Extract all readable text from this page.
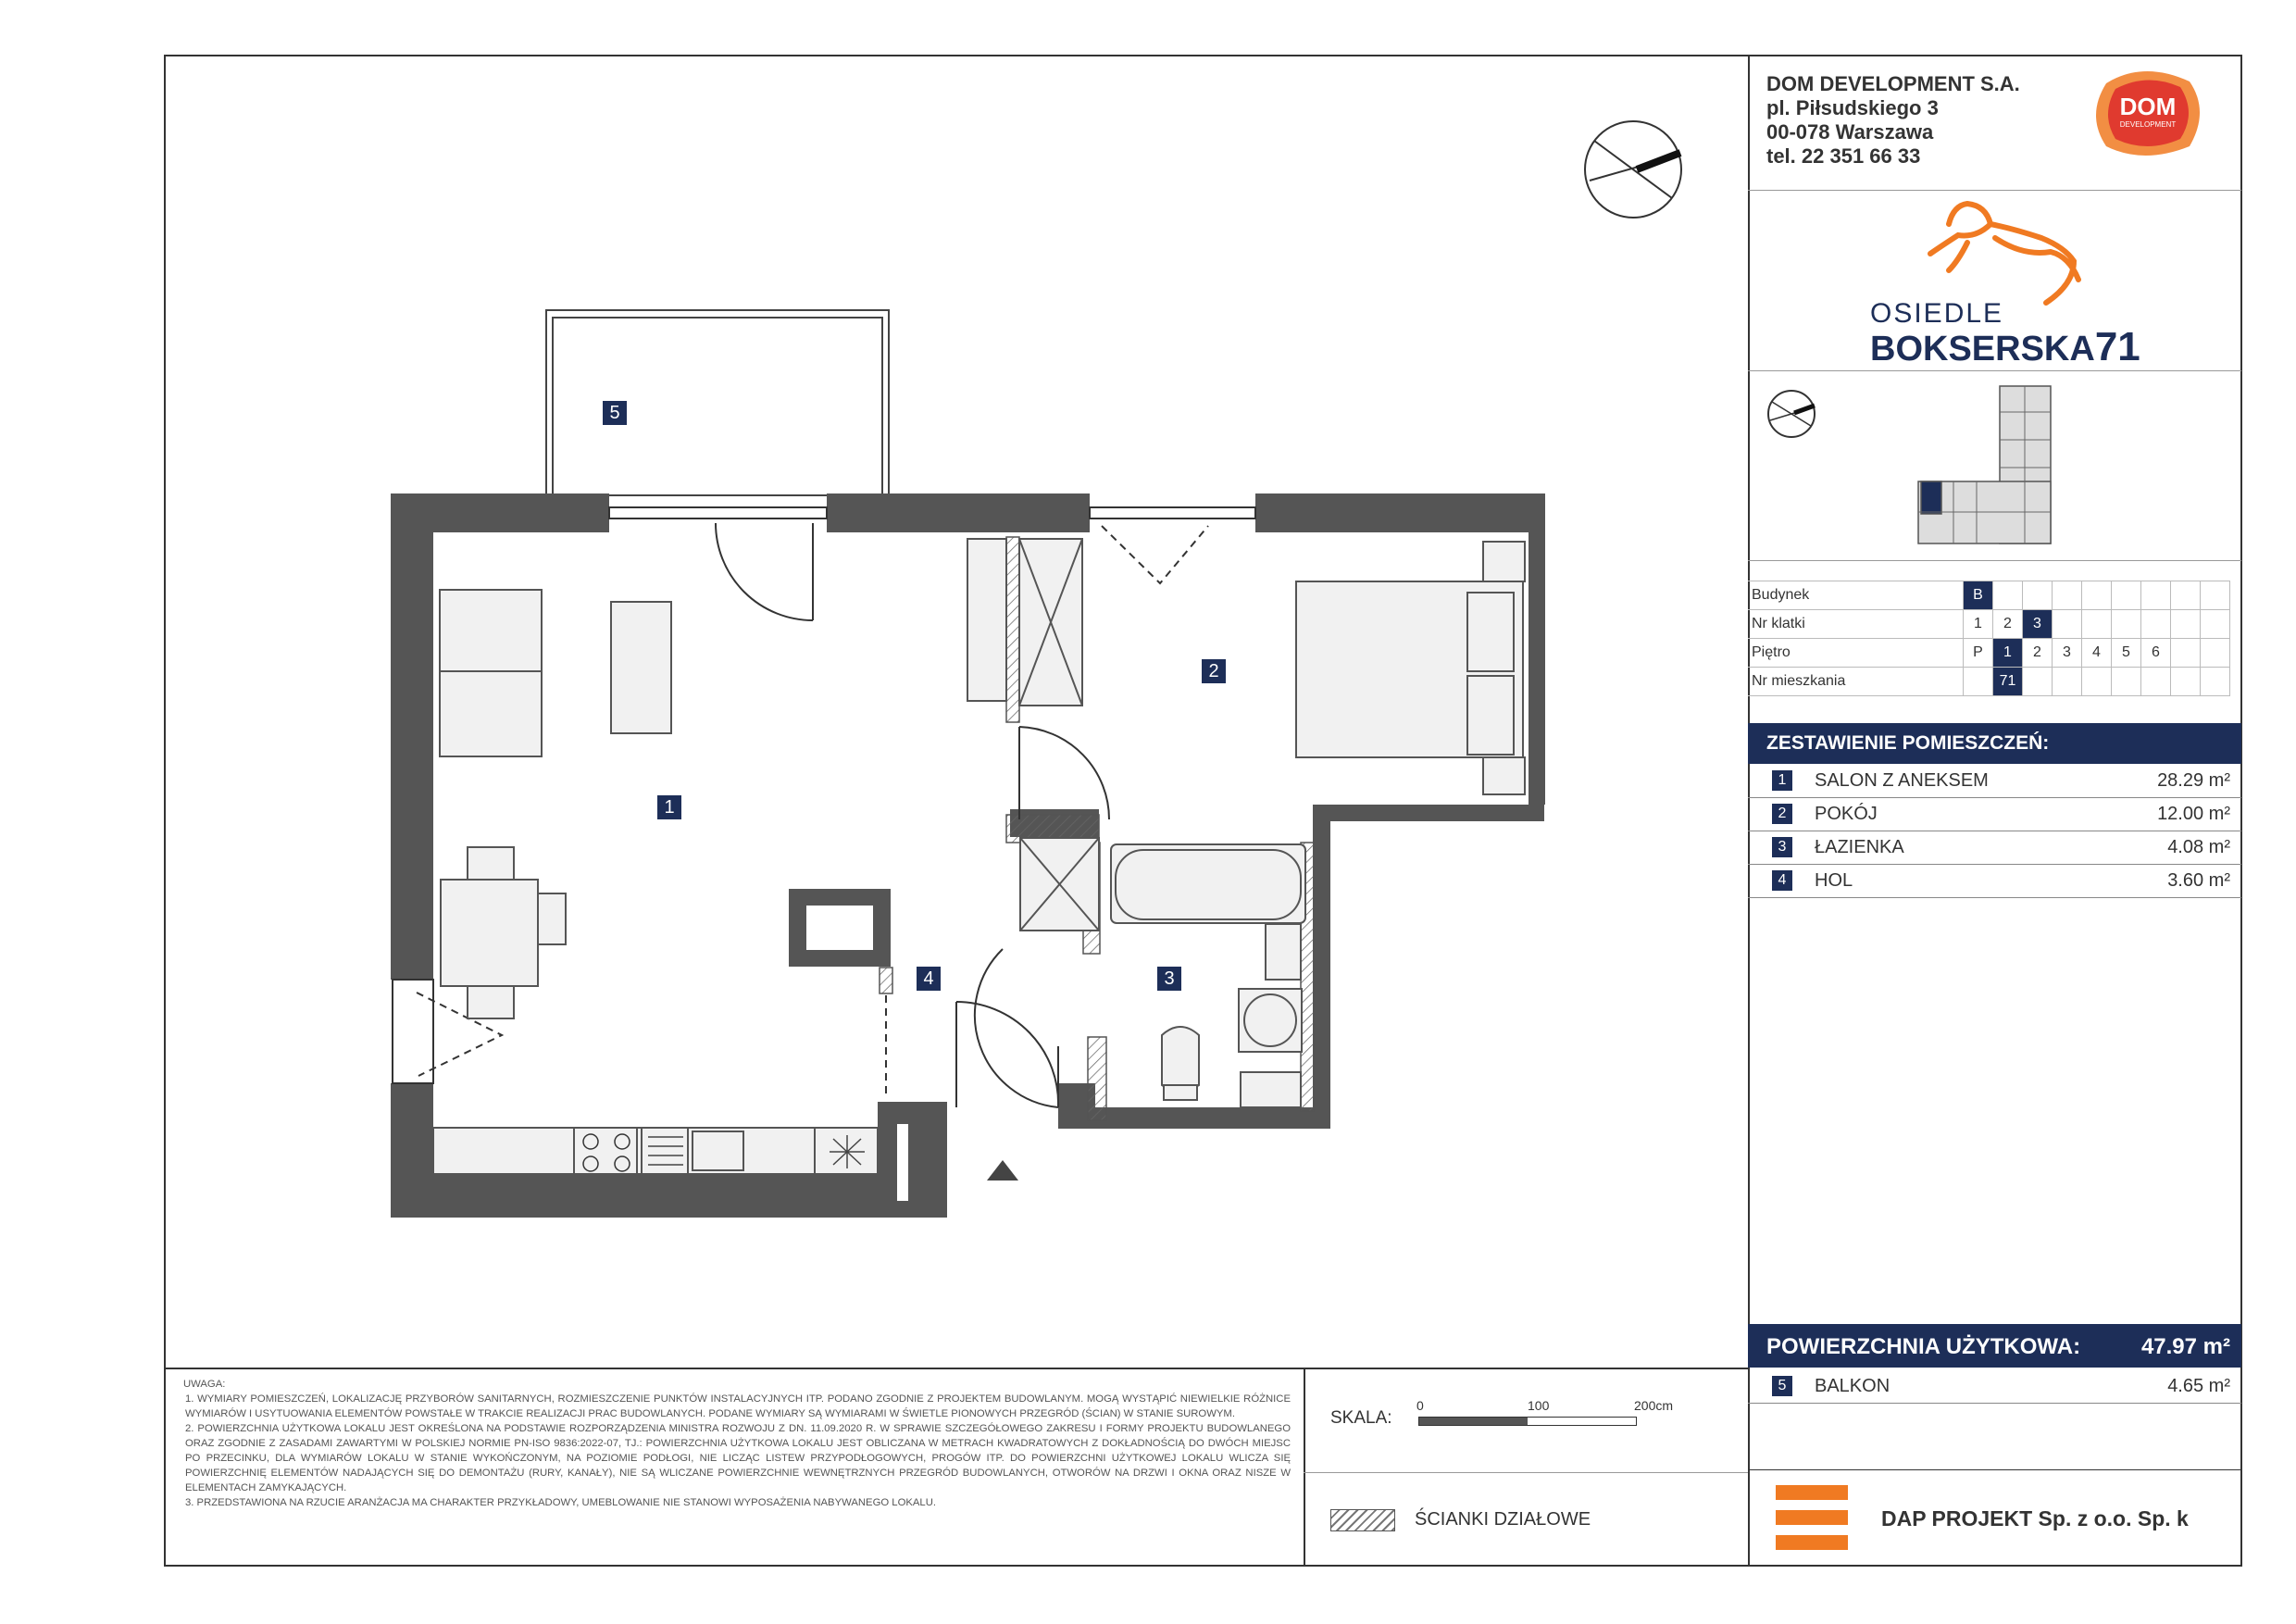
1
2
3
4
5
DOM DEVELOPMENT S.A.
pl. Piłsudskiego 3
00-078 Warszawa
tel. 22 351 66 33
DOM
DEVELOPMENT
OSIEDLE
BOKSERSKA71
Budynek	B								
Nr klatki	1	2	3						
Piętro	P	1	2	3	4	5	6		
Nr mieszkania		71							
ZESTAWIENIE POMIESZCZEŃ:
1	SALON Z ANEKSEM	28.29 m²
2	POKÓJ	12.00 m²
3	ŁAZIENKA	4.08 m²
4	HOL	3.60 m²
POWIERZCHNIA UŻYTKOWA:	47.97 m²
5	BALKON	4.65 m²
DAP PROJEKT Sp. z o.o. Sp. k
UWAGA:
1. WYMIARY POMIESZCZEŃ, LOKALIZACJĘ PRZYBORÓW SANITARNYCH, ROZMIESZCZENIE PUNKTÓW INSTALACYJNYCH ITP. PODANO ZGODNIE Z PROJEKTEM BUDOWLANYM. MOGĄ WYSTĄPIĆ NIEWIELKIE RÓŻNICE WYMIARÓW I USYTUOWANIA ELEMENTÓW POWSTAŁE W TRAKCIE REALIZACJI PRAC BUDOWLANYCH. PODANE WYMIARY SĄ WYMIARAMI W ŚWIETLE PIONOWYCH PRZEGRÓD (ŚCIAN) W STANIE SUROWYM.
2. POWIERZCHNIA UŻYTKOWA LOKALU JEST OKREŚLONA NA PODSTAWIE ROZPORZĄDZENIA MINISTRA ROZWOJU Z DN. 11.09.2020 R. W SPRAWIE SZCZEGÓŁOWEGO ZAKRESU I FORMY PROJEKTU BUDOWLANEGO ORAZ ZGODNIE Z ZASADAMI ZAWARTYMI W POLSKIEJ NORMIE PN-ISO 9836:2022-07, TJ.: POWIERZCHNIA UŻYTKOWA LOKALU JEST OBLICZANA W METRACH KWADRATOWYCH Z DOKŁADNOŚCIĄ DO DWÓCH MIEJSC PO PRZECINKU, DLA WYMIARÓW LOKALU W STANIE WYKOŃCZONYM, NA POZIOMIE PODŁOGI, NIE LICZĄC LISTEW PRZYPODŁOGOWYCH, PROGÓW ITP. DO POWIERZCHNI UŻYTKOWEJ LOKALU WLICZA SIĘ POWIERZCHNIĘ ELEMENTÓW NADAJĄCYCH SIĘ DO DEMONTAŻU (RURY, KANAŁY), NIE SĄ WLICZANE POWIERZCHNIE WEWNĘTRZNYCH PRZEGRÓD BUDOWLANYCH, OTWORÓW NA DRZWI I OKNA ORAZ NISZE W ELEMENTACH ZAMYKAJĄCYCH.
3. PRZEDSTAWIONA NA RZUCIE ARANŻACJA MA CHARAKTER PRZYKŁADOWY, UMEBLOWANIE NIE STANOWI WYPOSAŻENIA NABYWANEGO LOKALU.
SKALA:
0	100	200cm
ŚCIANKI DZIAŁOWE
